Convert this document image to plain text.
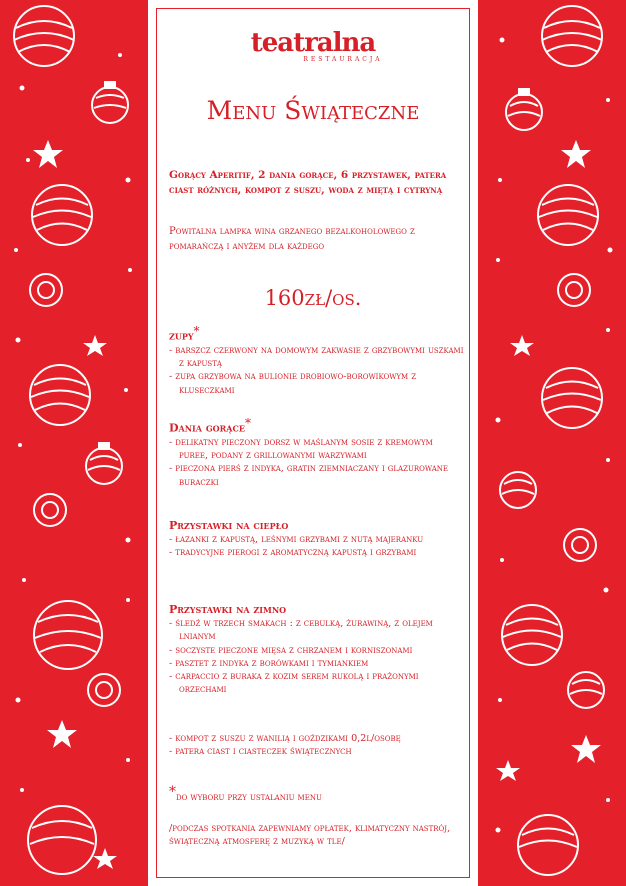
teatralna
RESTAURACJA
Menu Świąteczne
Gorący Aperitif, 2 dania gorące, 6 przystawek, patera ciast różnych, kompot z suszu, woda z miętą i cytryną
Powitalna lampka wina grzanego bezalkoholowego z pomarańczą i anyżem dla każdego
160zł/os.

zupy*

- barszcz czerwony na domowym zakwasie z grzybowymi uszkami z kapustą
- zupa grzybowa na bulionie drobiowo-borowikowym z kluseczkami

Dania gorące*

- delikatny pieczony dorsz w maślanym sosie z kremowym puree, podany z grillowanymi warzywami
- pieczona pierś z indyka, gratin ziemniaczany i glazurowane buraczki

Przystawki na ciepło

- łazanki z kapustą, leśnymi grzybami z nutą majeranku
- tradycyjne pierogi z aromatyczną kapustą i grzybami

Przystawki na zimno

- śledź w trzech smakach : z cebulką, żurawiną, z olejem lnianym
- soczyste pieczone mięsa z chrzanem i korniszonami
- pasztet z indyka z borówkami i tymiankiem
- carpaccio z buraka z kozim serem rukolą i prażonymi orzechami
- kompot z suszu z wanilią i goździkami 0,2l/osobę
- patera ciast i ciasteczek świątecznych
*do wyboru przy ustalaniu menu
/podczas spotkania zapewniamy opłatek, klimatyczny nastrój, świąteczną atmosferę z muzyką w tle/
